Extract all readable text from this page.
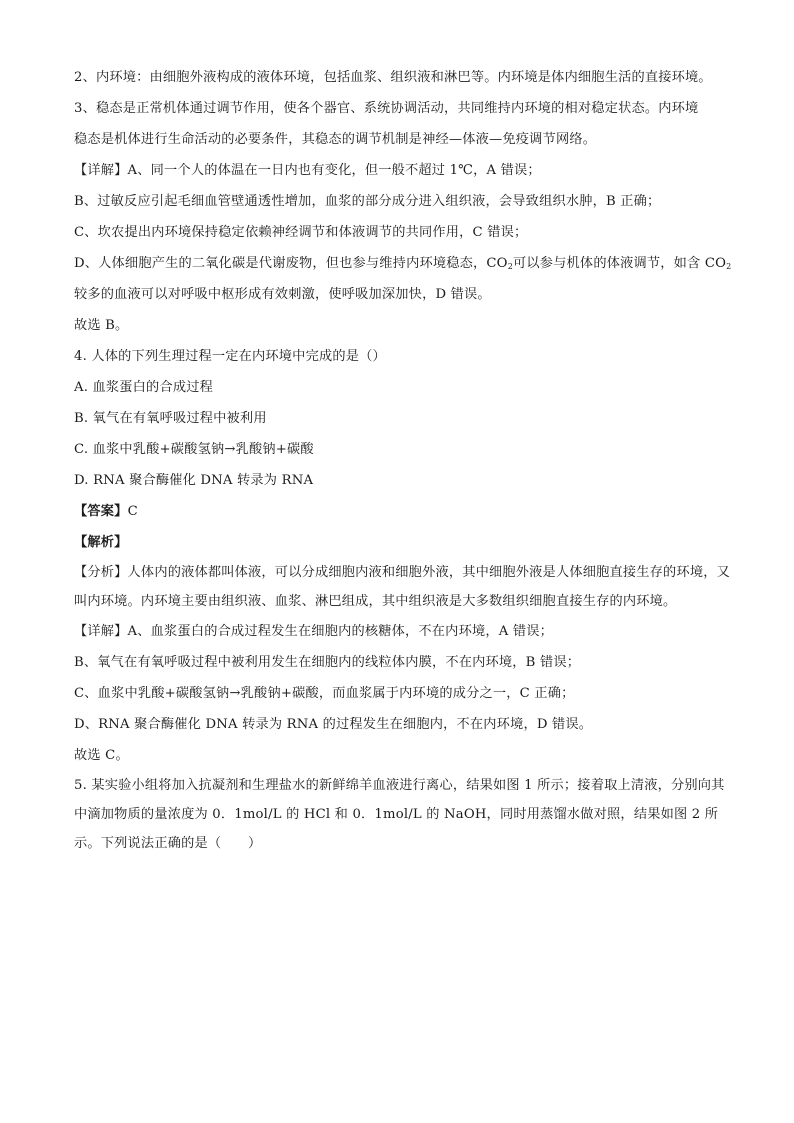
2、内环境：由细胞外液构成的液体环境，包括血浆、组织液和淋巴等。内环境是体内细胞生活的直接环境。
3、稳态是正常机体通过调节作用，使各个器官、系统协调活动，共同维持内环境的相对稳定状态。内环境
稳态是机体进行生命活动的必要条件，其稳态的调节机制是神经—体液—免疫调节网络。
【详解】A、同一个人的体温在一日内也有变化，但一般不超过 1℃，A 错误；
B、过敏反应引起毛细血管壁通透性增加，血浆的部分成分进入组织液，会导致组织水肿，B 正确；
C、坎农提出内环境保持稳定依赖神经调节和体液调节的共同作用，C 错误；
D、人体细胞产生的二氧化碳是代谢废物，但也参与维持内环境稳态，$CO_2$可以参与机体的体液调节，如含 $CO_2$
较多的血液可以对呼吸中枢形成有效刺激，使呼吸加深加快，D 错误。
故选 B。
4. 人体的下列生理过程一定在内环境中完成的是（）
A. 血浆蛋白的合成过程
B. 氧气在有氧呼吸过程中被利用
C. 血浆中乳酸+碳酸氢钠→乳酸钠+碳酸
D. RNA 聚合酶催化 DNA 转录为 RNA
【答案】C
【解析】
【分析】人体内的液体都叫体液，可以分成细胞内液和细胞外液，其中细胞外液是人体细胞直接生存的环境，又叫内环境。内环境主要由组织液、血浆、淋巴组成，其中组织液是大多数组织细胞直接生存的内环境。
【详解】A、血浆蛋白的合成过程发生在细胞内的核糖体，不在内环境，A 错误；
B、氧气在有氧呼吸过程中被利用发生在细胞内的线粒体内膜，不在内环境，B 错误；
C、血浆中乳酸+碳酸氢钠→乳酸钠+碳酸，而血浆属于内环境的成分之一，C 正确；
D、RNA 聚合酶催化 DNA 转录为 RNA 的过程发生在细胞内，不在内环境，D 错误。
故选 C。
5. 某实验小组将加入抗凝剂和生理盐水的新鲜绵羊血液进行离心，结果如图 1 所示；接着取上清液，分别向其中滴加物质的量浓度为 0．1mol/L 的 HCl 和 0．1mol/L 的 NaOH，同时用蒸馏水做对照，结果如图 2 所示。下列说法正确的是（　　）
